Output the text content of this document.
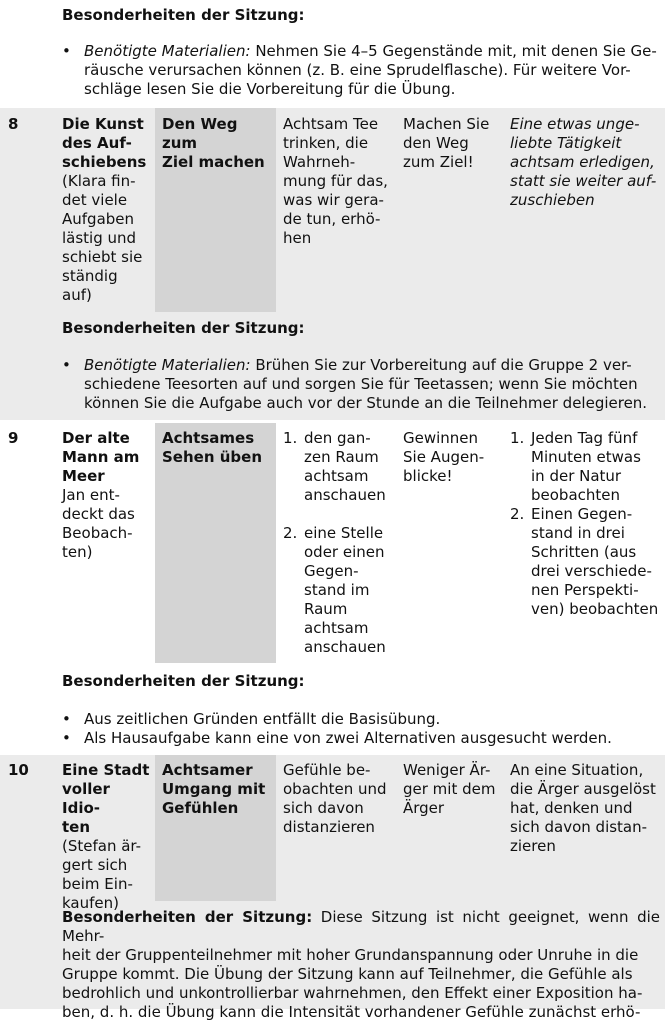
Besonderheiten der Sitzung:
• Benötigte Materialien: Nehmen Sie 4–5 Gegenstände mit, mit denen Sie Ge-
räusche verursachen können (z. B. eine Sprudelflasche). Für weitere Vor-
schläge lesen Sie die Vorbereitung für die Übung.
8	Die Kunst
des Auf-
schiebens
(Klara fin-
det viele
Aufgaben
lästig und
schiebt sie
ständig
auf)
Den Weg zum
Ziel machen
Achtsam Tee
trinken, die
Wahrneh-
mung für das,
was wir gera-
de tun, erhö-
hen
Machen Sie
den Weg
zum Ziel!
Eine etwas unge-
liebte Tätigkeit
achtsam erledigen,
statt sie weiter auf-
zuschieben
Besonderheiten der Sitzung:
• Benötigte Materialien: Brühen Sie zur Vorbereitung auf die Gruppe 2 ver-
schiedene Teesorten auf und sorgen Sie für Teetassen; wenn Sie möchten
können Sie die Aufgabe auch vor der Stunde an die Teilnehmer delegieren.
9	Der alte
Mann am
Meer
Jan ent-
deckt das
Beobach-
ten)
Achtsames
Sehen üben
1. den gan-
zen Raum
achtsam
anschauen
2. eine Stelle
oder einen
Gegen-
stand im
Raum
achtsam
anschauen
Gewinnen
Sie Augen-
blicke!
1. Jeden Tag fünf
Minuten etwas
in der Natur
beobachten
2. Einen Gegen-
stand in drei
Schritten (aus
drei verschiede-
nen Perspekti-
ven) beobachten
Besonderheiten der Sitzung:
• Aus zeitlichen Gründen entfällt die Basisübung.
• Als Hausaufgabe kann eine von zwei Alternativen ausgesucht werden.
10 Eine Stadt
voller Idio-
ten
(Stefan är-
gert sich
beim Ein-
kaufen)
Achtsamer
Umgang mit
Gefühlen
Gefühle be-
obachten und
sich davon
distanzieren
Weniger Är-
ger mit dem
Ärger
An eine Situation,
die Ärger ausgelöst
hat, denken und
sich davon distan-
zieren
Besonderheiten der Sitzung: Diese Sitzung ist nicht geeignet, wenn die Mehr-
heit der Gruppenteilnehmer mit hoher Grundanspannung oder Unruhe in die
Gruppe kommt. Die Übung der Sitzung kann auf Teilnehmer, die Gefühle als
bedrohlich und unkontrollierbar wahrnehmen, den Effekt einer Exposition ha-
ben, d. h. die Übung kann die Intensität vorhandener Gefühle zunächst erhö-
